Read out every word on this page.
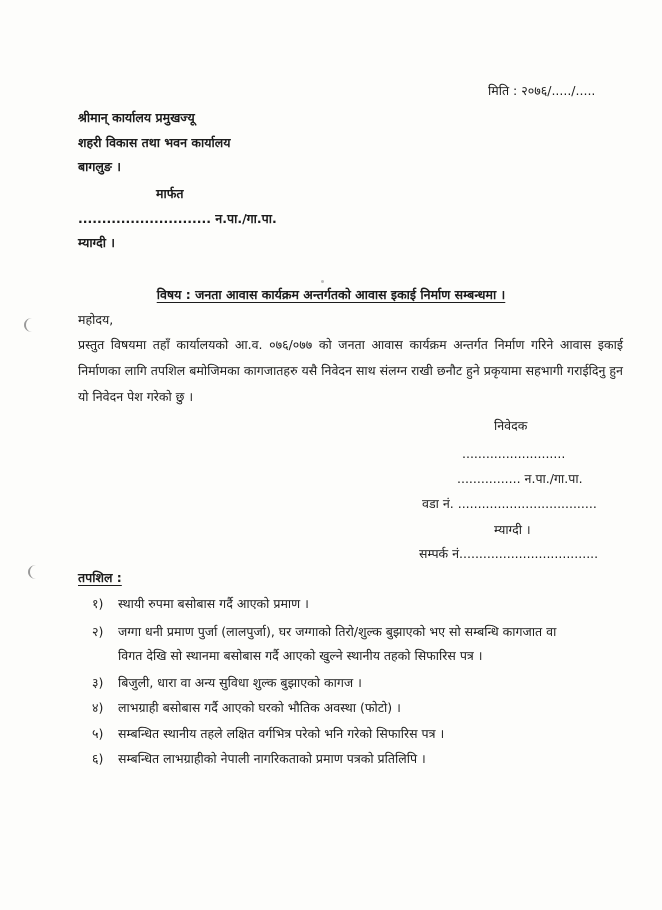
मिति : २०७६/...../.....
श्रीमान् कार्यालय प्रमुखज्यू
शहरी विकास तथा भवन कार्यालय
बागलुङ ।
मार्फत
............................ न.पा./गा.पा.
म्याग्दी ।
विषय : जनता आवास कार्यक्रम अन्तर्गतको आवास इकाई निर्माण सम्बन्धमा ।
महोदय,
प्रस्तुत विषयमा तहाँ कार्यालयको आ.व. ०७६/०७७ को जनता आवास कार्यक्रम अन्तर्गत निर्माण गरिने आवास इकाई निर्माणका लागि तपशिल बमोजिमका कागजातहरु यसै निवेदन साथ संलग्न राखी छनौट हुने प्रकृयामा सहभागी गराईदिनु हुन यो निवेदन पेश गरेको छु ।
निवेदक
..........................
................ न.पा./गा.पा.
वडा नं. ...................................
म्याग्दी ।
सम्पर्क नं...................................
तपशिल :
१) स्थायी रुपमा बसोबास गर्दै आएको प्रमाण ।
२) जग्गा धनी प्रमाण पुर्जा (लालपुर्जा), घर जग्गाको तिरो/शुल्क बुझाएको भए सो सम्बन्धि कागजात वा
विगत देखि सो स्थानमा बसोबास गर्दै आएको खुल्ने स्थानीय तहको सिफारिस पत्र ।
३) बिजुली, धारा वा अन्य सुविधा शुल्क बुझाएको कागज ।
४) लाभग्राही बसोबास गर्दै आएको घरको भौतिक अवस्था (फोटो) ।
५) सम्बन्धित स्थानीय तहले लक्षित वर्गभित्र परेको भनि गरेको सिफारिस पत्र ।
६) सम्बन्धित लाभग्राहीको नेपाली नागरिकताको प्रमाण पत्रको प्रतिलिपि ।
